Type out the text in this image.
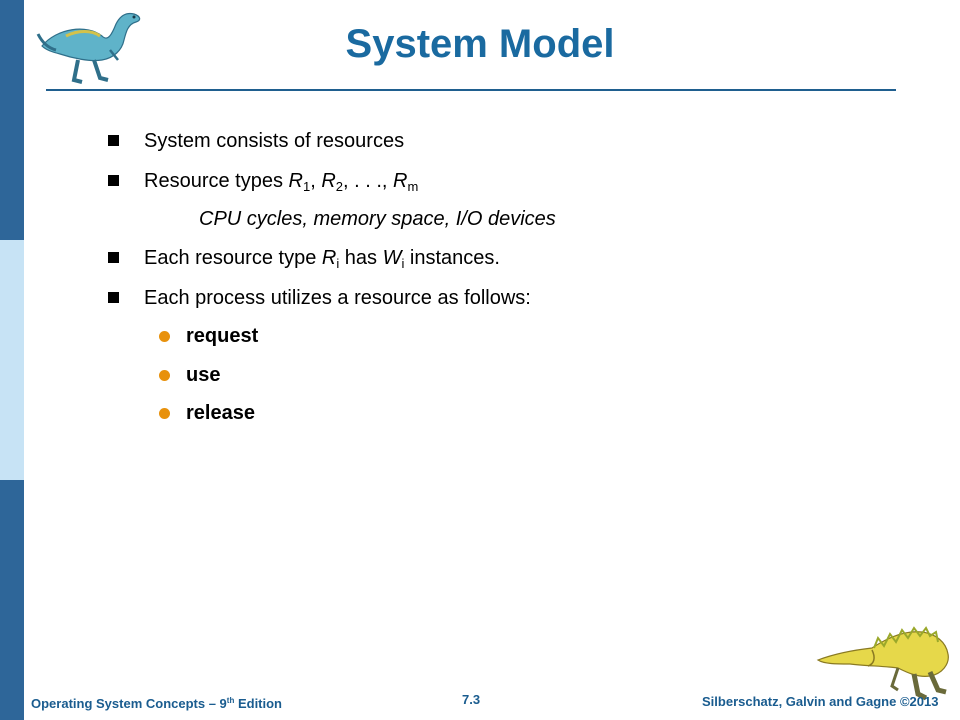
System Model
System consists of resources
Resource types $R_1$, $R_2$, . . ., $R_m$
CPU cycles, memory space, I/O devices
Each resource type $R_i$ has $W_i$ instances.
Each process utilizes a resource as follows:
request
use
release
Operating System Concepts – 9th Edition	7.3	Silberschatz, Galvin and Gagne ©2013
